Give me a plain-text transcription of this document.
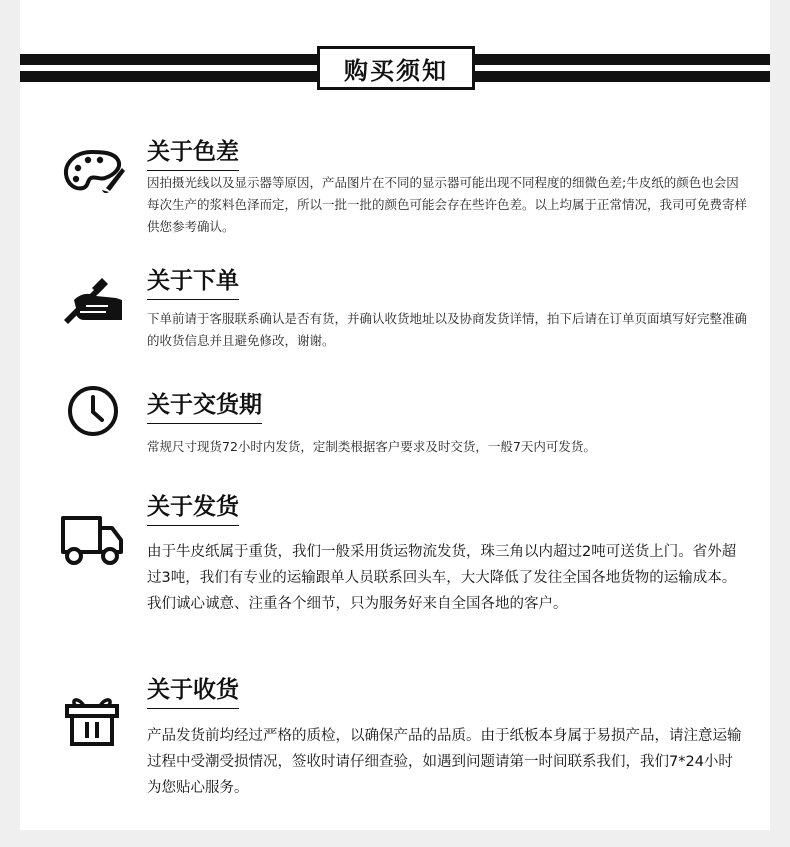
购买须知
关于色差
因拍摄光线以及显示器等原因，产品图片在不同的显示器可能出现不同程度的细微色差;牛皮纸的颜色也会因每次生产的浆料色泽而定，所以一批一批的颜色可能会存在些许色差。以上均属于正常情况，我司可免费寄样供您参考确认。
关于下单
下单前请于客服联系确认是否有货，并确认收货地址以及协商发货详情，拍下后请在订单页面填写好完整准确的收货信息并且避免修改，谢谢。
关于交货期
常规尺寸现货72小时内发货，定制类根据客户要求及时交货，一般7天内可发货。
关于发货
由于牛皮纸属于重货，我们一般采用货运物流发货，珠三角以内超过2吨可送货上门。省外超过3吨，我们有专业的运输跟单人员联系回头车，大大降低了发往全国各地货物的运输成本。我们诚心诚意、注重各个细节，只为服务好来自全国各地的客户。
关于收货
产品发货前均经过严格的质检，以确保产品的品质。由于纸板本身属于易损产品，请注意运输过程中受潮受损情况，签收时请仔细查验，如遇到问题请第一时间联系我们，我们7*24小时为您贴心服务。
